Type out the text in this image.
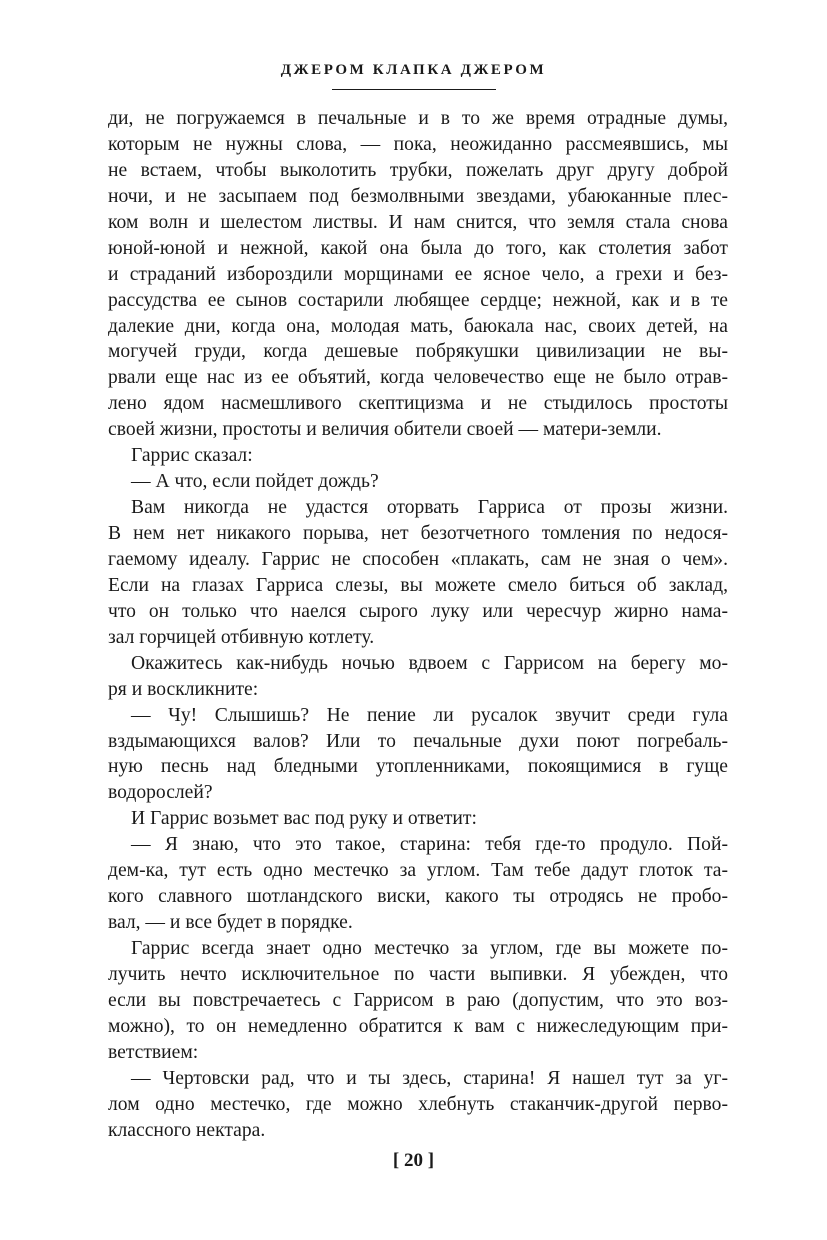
ДЖЕРОМ КЛАПКА ДЖЕРОМ
ди, не погружаемся в печальные и в то же время отрадные думы,
которым не нужны слова, — пока, неожиданно рассмеявшись, мы
не встаем, чтобы выколотить трубки, пожелать друг другу доброй
ночи, и не засыпаем под безмолвными звездами, убаюканные плес-
ком волн и шелестом листвы. И нам снится, что земля стала снова
юной-юной и нежной, какой она была до того, как столетия забот
и страданий избороздили морщинами ее ясное чело, а грехи и без-
рассудства ее сынов состарили любящее сердце; нежной, как и в те
далекие дни, когда она, молодая мать, баюкала нас, своих детей, на
могучей груди, когда дешевые побрякушки цивилизации не вы-
рвали еще нас из ее объятий, когда человечество еще не было отрав-
лено ядом насмешливого скептицизма и не стыдилось простоты
своей жизни, простоты и величия обители своей — матери-земли.
Гаррис сказал:
— А что, если пойдет дождь?
Вам никогда не удастся оторвать Гарриса от прозы жизни.
В нем нет никакого порыва, нет безотчетного томления по недося-
гаемому идеалу. Гаррис не способен «плакать, сам не зная о чем».
Если на глазах Гарриса слезы, вы можете смело биться об заклад,
что он только что наелся сырого луку или чересчур жирно нама-
зал горчицей отбивную котлету.
Окажитесь как-нибудь ночью вдвоем с Гаррисом на берегу мо-
ря и воскликните:
— Чу! Слышишь? Не пение ли русалок звучит среди гула
вздымающихся валов? Или то печальные духи поют погребаль-
ную песнь над бледными утопленниками, покоящимися в гуще
водорослей?
И Гаррис возьмет вас под руку и ответит:
— Я знаю, что это такое, старина: тебя где-то продуло. Пой-
дем-ка, тут есть одно местечко за углом. Там тебе дадут глоток та-
кого славного шотландского виски, какого ты отродясь не пробо-
вал, — и все будет в порядке.
Гаррис всегда знает одно местечко за углом, где вы можете по-
лучить нечто исключительное по части выпивки. Я убежден, что
если вы повстречаетесь с Гаррисом в раю (допустим, что это воз-
можно), то он немедленно обратится к вам с нижеследующим при-
ветствием:
— Чертовски рад, что и ты здесь, старина! Я нашел тут за уг-
лом одно местечко, где можно хлебнуть стаканчик-другой перво-
классного нектара.
[ 20 ]
